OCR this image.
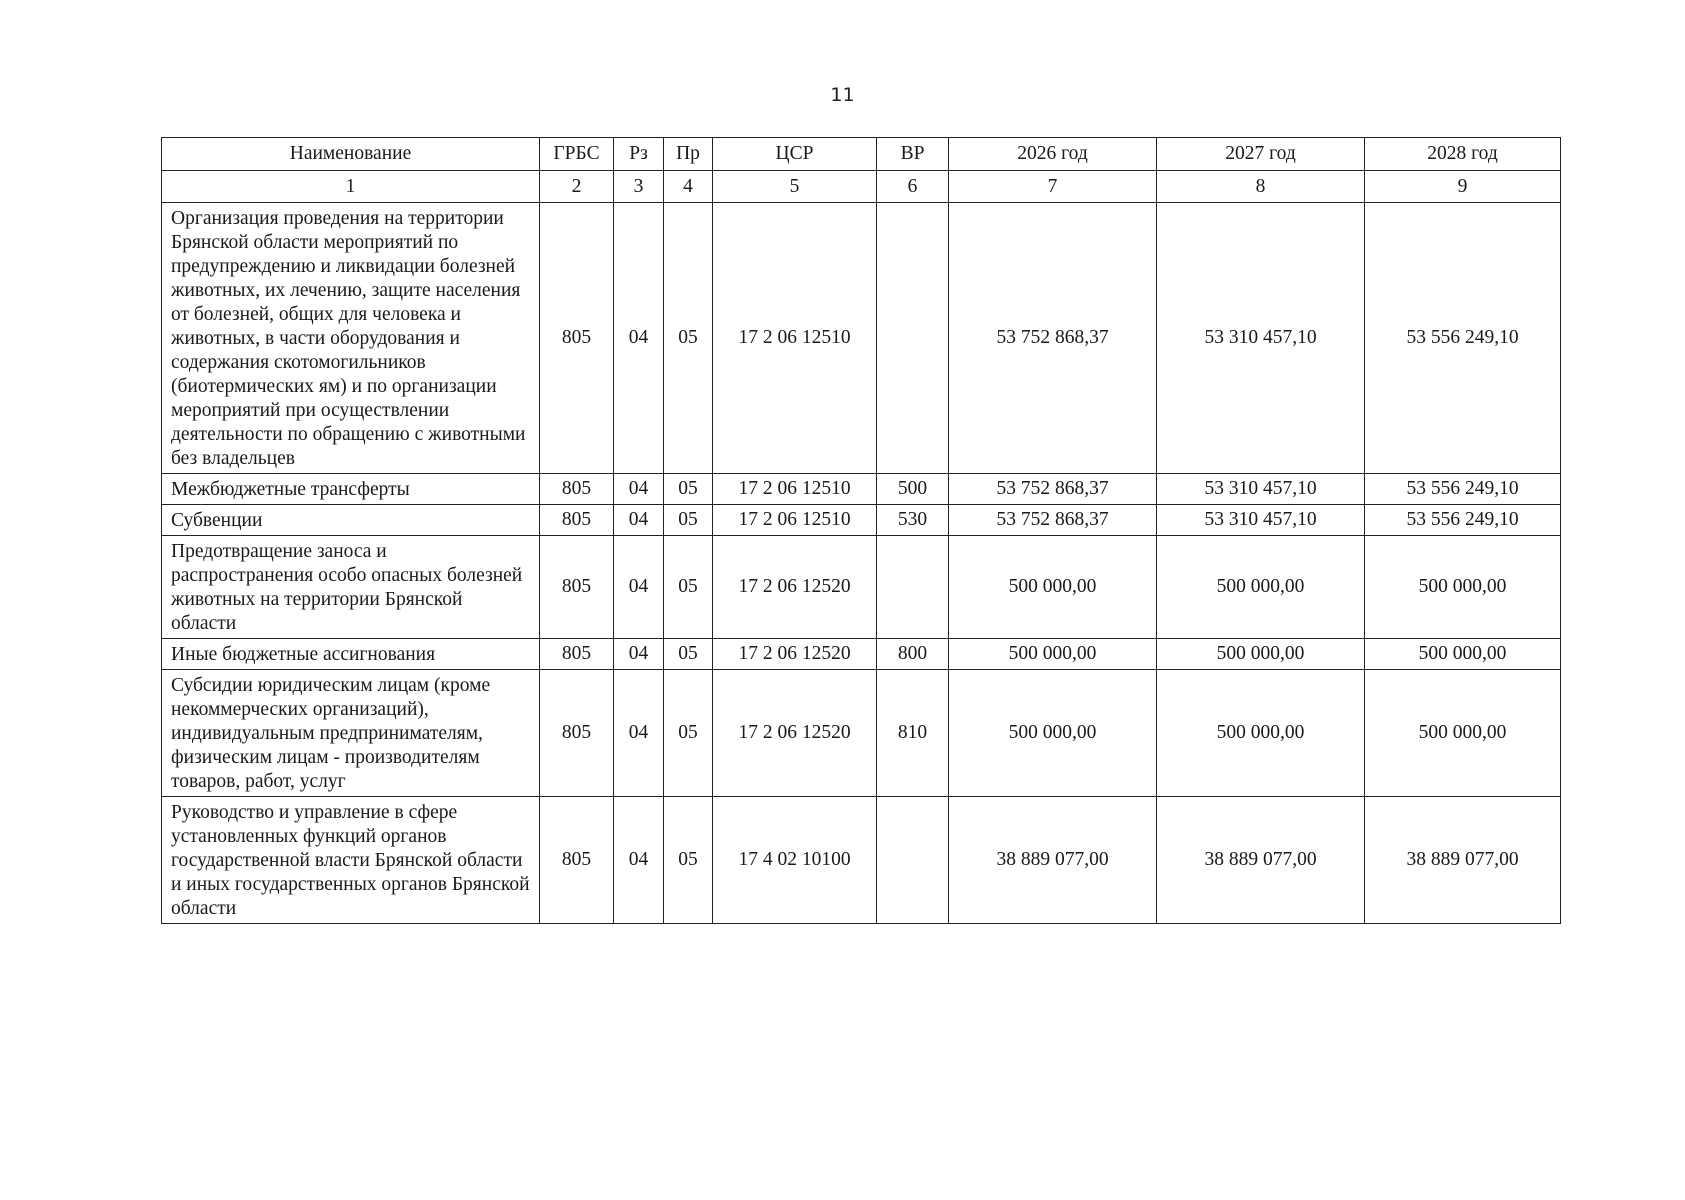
11
Наименование	ГРБС	Рз	Пр	ЦСР	ВР	2026 год	2027 год	2028 год
1	2	3	4	5	6	7	8	9
Организация проведения на территории Брянской области мероприятий по предупреждению и ликвидации болезней животных, их лечению, защите населения от болезней, общих для человека и животных, в части оборудования и содержания скотомогильников (биотермических ям) и по организации мероприятий при осуществлении деятельности по обращению с животными без владельцев	805	04	05	17 2 06 12510		53 752 868,37	53 310 457,10	53 556 249,10
Межбюджетные трансферты	805	04	05	17 2 06 12510	500	53 752 868,37	53 310 457,10	53 556 249,10
Субвенции	805	04	05	17 2 06 12510	530	53 752 868,37	53 310 457,10	53 556 249,10
Предотвращение заноса и распространения особо опасных болезней животных на территории Брянской области	805	04	05	17 2 06 12520		500 000,00	500 000,00	500 000,00
Иные бюджетные ассигнования	805	04	05	17 2 06 12520	800	500 000,00	500 000,00	500 000,00
Субсидии юридическим лицам (кроме некоммерческих организаций), индивидуальным предпринимателям, физическим лицам - производителям товаров, работ, услуг	805	04	05	17 2 06 12520	810	500 000,00	500 000,00	500 000,00
Руководство и управление в сфере установленных функций органов государственной власти Брянской области и иных государственных органов Брянской области	805	04	05	17 4 02 10100		38 889 077,00	38 889 077,00	38 889 077,00
